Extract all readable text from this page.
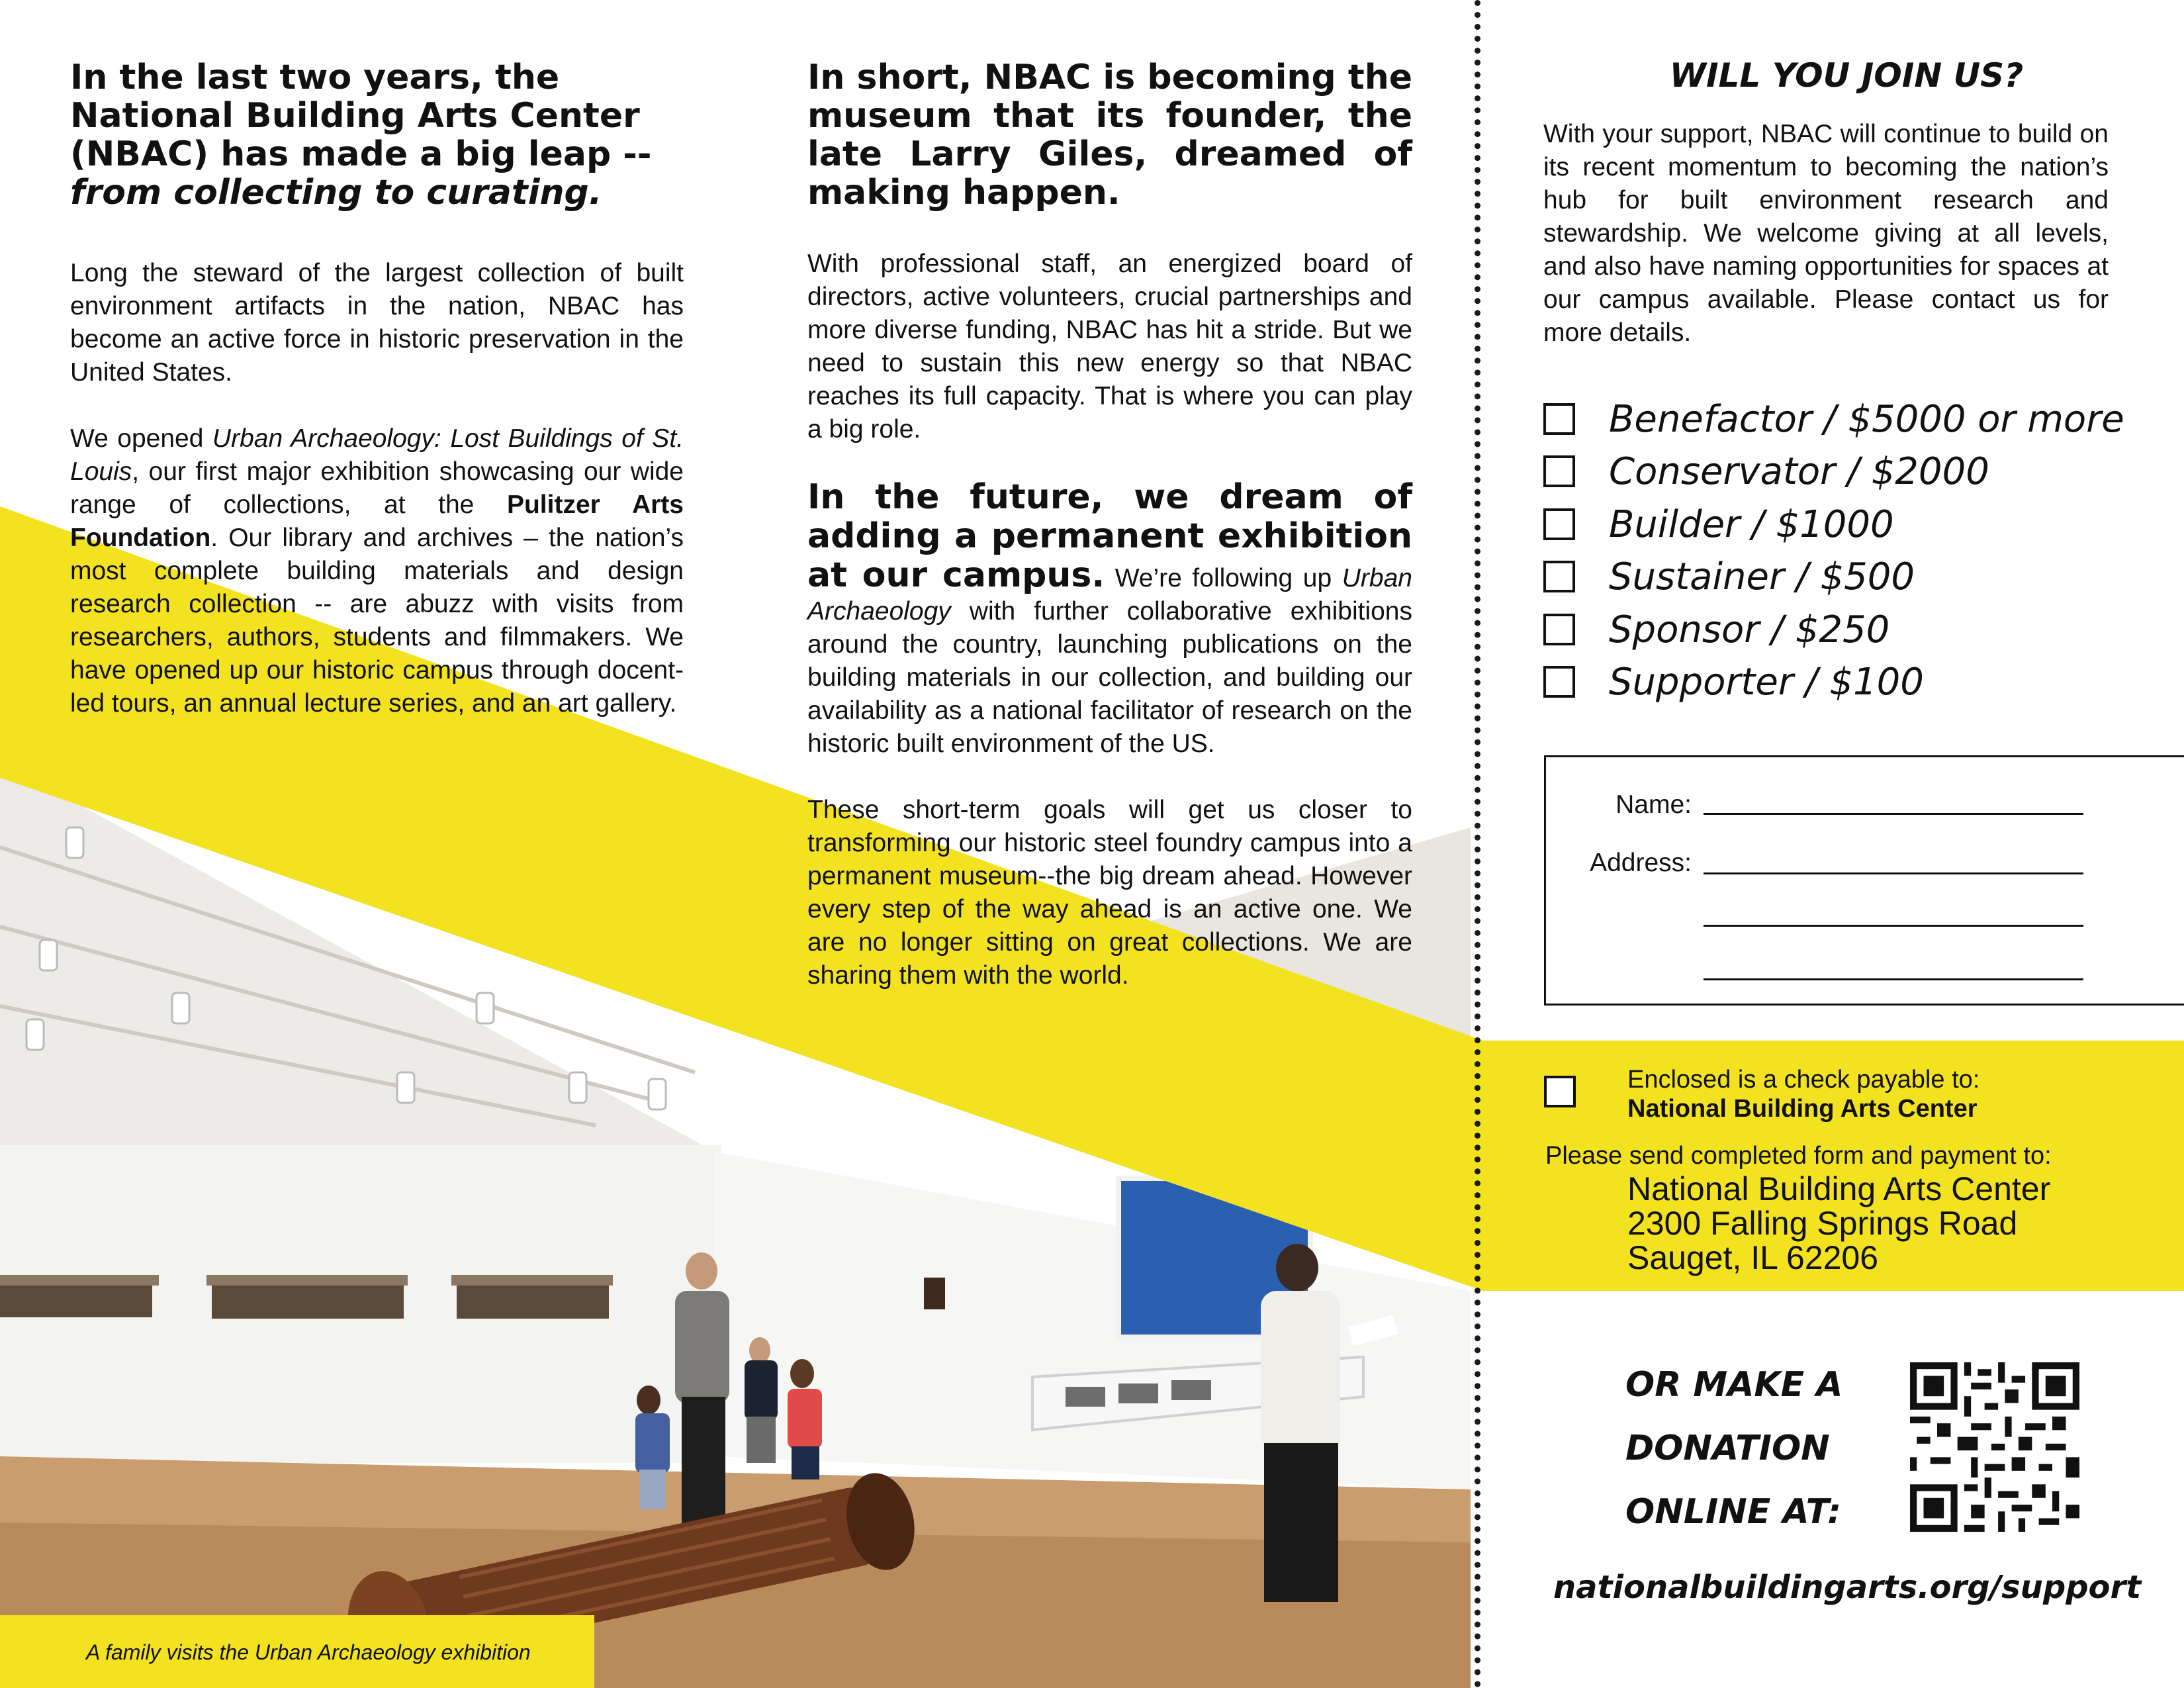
In the last two years, the National Building Arts Center (NBAC) has made a big leap --
from collecting to curating.

Long the steward of the largest collection of built environment artifacts in the nation, NBAC has become an active force in historic preservation in the United States.

We opened Urban Archaeology: Lost Buildings of St. Louis, our first major exhibition showcasing our wide range of collections, at the Pulitzer Arts Foundation. Our library and archives – the nation’s most complete building materials and design research collection -- are abuzz with visits from researchers, authors, students and filmmakers. We have opened up our historic campus through docent-led tours, an annual lecture series, and an art gallery.

In short, NBAC is becoming the museum that its founder, the late Larry Giles, dreamed of making happen.

With professional staff, an energized board of directors, active volunteers, crucial partnerships and more diverse funding, NBAC has hit a stride. But we need to sustain this new energy so that NBAC reaches its full capacity. That is where you can play a big role.

In the future, we dream of adding a permanent exhibition at our campus. We’re following up Urban Archaeology with further collaborative exhibitions around the country, launching publications on the building materials in our collection, and building our availability as a national facilitator of research on the historic built environment of the US.

These short-term goals will get us closer to transforming our historic steel foundry campus into a permanent museum--the big dream ahead. However every step of the way ahead is an active one. We are no longer sitting on great collections. We are sharing them with the world.

WILL YOU JOIN US?
With your support, NBAC will continue to build on its recent momentum to becoming the nation’s hub for built environment research and stewardship. We welcome giving at all levels, and also have naming opportunities for spaces at our campus available. Please contact us for more details.
Benefactor / $5000 or more
Conservator / $2000
Builder / $1000
Sustainer / $500
Sponsor / $250
Supporter / $100
Name:
Address:
Enclosed is a check payable to:
National Building Arts Center
Please send completed form and payment to:
National Building Arts Center
2300 Falling Springs Road
Sauget, IL 62206
OR MAKE A
DONATION
ONLINE AT:
nationalbuildingarts.org/support
A family visits the Urban Archaeology exhibition
